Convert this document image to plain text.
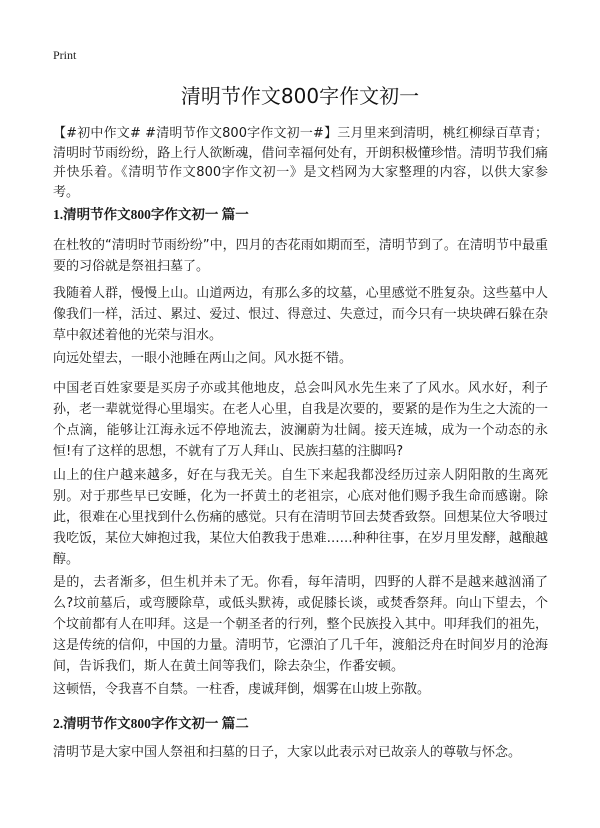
Print
清明节作文800字作文初一

【#初中作文# #清明节作文800字作文初一#】三月里来到清明，桃红柳绿百草青；清明时节雨纷纷，路上行人欲断魂，借问幸福何处有，开朗积极懂珍惜。清明节我们痛并快乐着。《清明节作文800字作文初一》是文档网为大家整理的内容，以供大家参考。

1.清明节作文800字作文初一 篇一

在杜牧的“清明时节雨纷纷”中，四月的杏花雨如期而至，清明节到了。在清明节中最重要的习俗就是祭祖扫墓了。

我随着人群，慢慢上山。山道两边，有那么多的坟墓，心里感觉不胜复杂。这些墓中人像我们一样，活过、累过、爱过、恨过、得意过、失意过，而今只有一块块碑石躲在杂草中叙述着他的光荣与泪水。

向远处望去，一眼小池睡在两山之间。风水挺不错。

中国老百姓家要是买房子亦或其他地皮，总会叫风水先生来了了风水。风水好，利子孙，老一辈就觉得心里塌实。在老人心里，自我是次要的，要紧的是作为生之大流的一个点滴，能够让江海永远不停地流去，波澜蔚为壮阔。接天连城，成为一个动态的永恒!有了这样的思想，不就有了万人拜山、民族扫墓的注脚吗?

山上的住户越来越多，好在与我无关。自生下来起我都没经历过亲人阴阳散的生离死别。对于那些早已安睡，化为一抔黄土的老祖宗，心底对他们赐予我生命而感谢。除此，很难在心里找到什么伤痛的感觉。只有在清明节回去焚香致祭。回想某位大爷喂过我吃饭，某位大婶抱过我，某位大伯教我于患难……种种往事，在岁月里发酵，越酿越醇。

是的，去者渐多，但生机并未了无。你看，每年清明，四野的人群不是越来越汹涌了么?坟前墓后，或弯腰除草，或低头默祷，或促膝长谈，或焚香祭拜。向山下望去，个个坟前都有人在叩拜。这是一个朝圣者的行列，整个民族投入其中。叩拜我们的祖先，这是传统的信仰，中国的力量。清明节，它漂泊了几千年，渡船泛舟在时间岁月的沧海间，告诉我们，斯人在黄土间等我们，除去杂尘，作番安顿。

这顿悟，令我喜不自禁。一柱香，虔诚拜倒，烟雾在山坡上弥散。

2.清明节作文800字作文初一 篇二

清明节是大家中国人祭祖和扫墓的日子，大家以此表示对已故亲人的尊敬与怀念。
